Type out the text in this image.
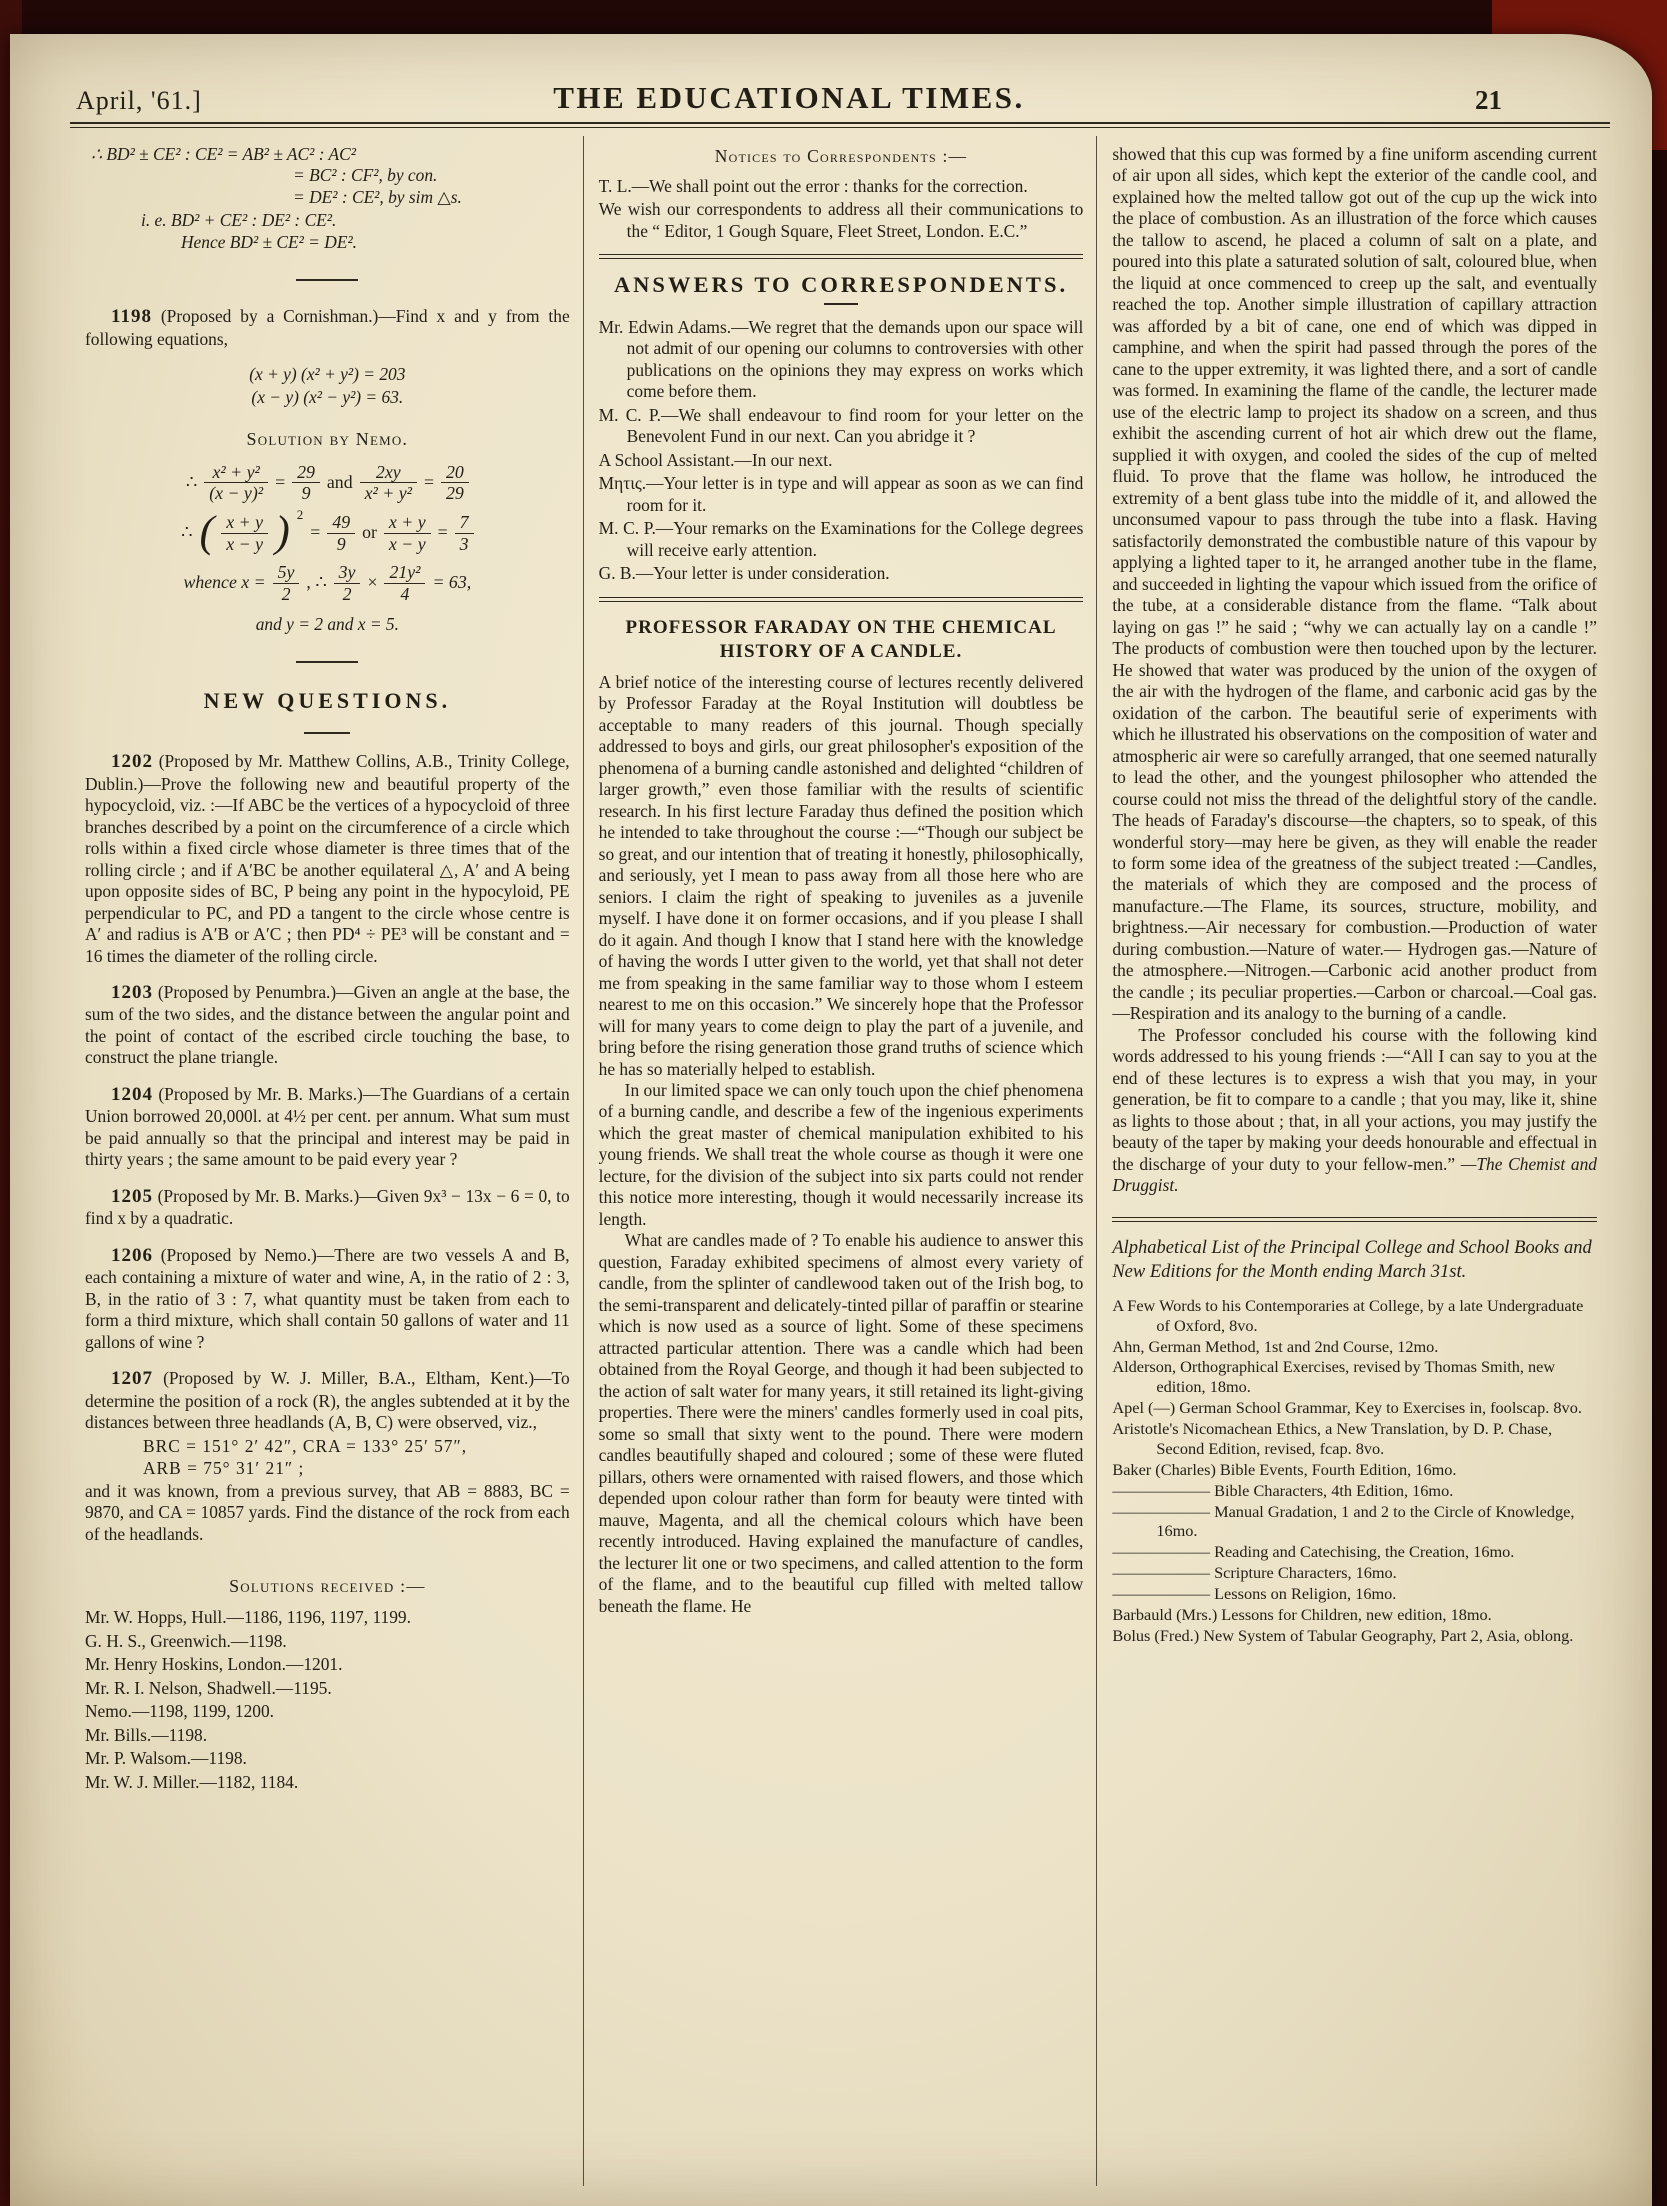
April, '61.]	THE EDUCATIONAL TIMES.	21

∴ BD² ± CE² : CE² = AB² ± AC² : AC²

= BC² : CF², by con.

= DE² : CE², by sim △s.

i. e. BD² + CE² : DE² : CE².

Hence BD² ± CE² = DE².

1198 (Proposed by a Cornishman.)—Find x and y from the following equations,

(x + y) (x² + y²) = 203

(x − y) (x² − y²) = 63.

Solution by Nemo.

∴ $\frac{\text{x² + y²}}{\text{(x − y)²}} = \frac{29}{9}$ and $\frac{2xy}{\text{x² + y²}} = \frac{20}{29}$
∴ ( $\frac{x + y}{x - y}$ ) 2
= $\frac{49}{9}$ or $\frac{x + y}{x - y} = \frac{7}{3}$
whence $x = \frac{5y}{2}$ , ∴ $\frac{3y}{2} \times \frac{\text{21y²}}{4} = 63$,

and y = 2 and x = 5.

NEW QUESTIONS.

1202 (Proposed by Mr. Matthew Collins, A.B., Trinity College, Dublin.)—Prove the following new and beautiful property of the hypocycloid, viz. :—If ABC be the vertices of a hypocycloid of three branches described by a point on the circumference of a circle which rolls within a fixed circle whose diameter is three times that of the rolling circle ; and if A′BC be another equilateral △, A′ and A being upon opposite sides of BC, P being any point in the hypocyloid, PE perpendicular to PC, and PD a tangent to the circle whose centre is A′ and radius is A′B or A′C ; then PD⁴ ÷ PE³ will be constant and = 16 times the diameter of the rolling circle.

1203 (Proposed by Penumbra.)—Given an angle at the base, the sum of the two sides, and the distance between the angular point and the point of contact of the escribed circle touching the base, to construct the plane triangle.

1204 (Proposed by Mr. B. Marks.)—The Guardians of a certain Union borrowed 20,000l. at 4½ per cent. per annum. What sum must be paid annually so that the principal and interest may be paid in thirty years ; the same amount to be paid every year ?

1205 (Proposed by Mr. B. Marks.)—Given 9x³ − 13x − 6 = 0, to find x by a quadratic.

1206 (Proposed by Nemo.)—There are two vessels A and B, each containing a mixture of water and wine, A, in the ratio of 2 : 3, B, in the ratio of 3 : 7, what quantity must be taken from each to form a third mixture, which shall contain 50 gallons of water and 11 gallons of wine ?

1207 (Proposed by W. J. Miller, B.A., Eltham, Kent.)—To determine the position of a rock (R), the angles subtended at it by the distances between three headlands (A, B, C) were observed, viz.,

BRC = 151° 2′ 42″, CRA = 133° 25′ 57″,

ARB = 75° 31′ 21″ ;

and it was known, from a previous survey, that AB = 8883, BC = 9870, and CA = 10857 yards. Find the distance of the rock from each of the headlands.

Solutions received :—

Mr. W. Hopps, Hull.—1186, 1196, 1197, 1199.

G. H. S., Greenwich.—1198.

Mr. Henry Hoskins, London.—1201.

Mr. R. I. Nelson, Shadwell.—1195.

Nemo.—1198, 1199, 1200.

Mr. Bills.—1198.

Mr. P. Walsom.—1198.

Mr. W. J. Miller.—1182, 1184.

Notices to Correspondents :—

T. L.—We shall point out the error : thanks for the correction.

We wish our correspondents to address all their communications to the “ Editor, 1 Gough Square, Fleet Street, London. E.C.”

ANSWERS TO CORRESPONDENTS.

Mr. Edwin Adams.—We regret that the demands upon our space will not admit of our opening our columns to controversies with other publications on the opinions they may express on works which come before them.

M. C. P.—We shall endeavour to find room for your letter on the Benevolent Fund in our next. Can you abridge it ?

A School Assistant.—In our next.

Mητις.—Your letter is in type and will appear as soon as we can find room for it.

M. C. P.—Your remarks on the Examinations for the College degrees will receive early attention.

G. B.—Your letter is under consideration.

PROFESSOR FARADAY ON THE CHEMICAL
HISTORY OF A CANDLE.

A brief notice of the interesting course of lectures recently delivered by Professor Faraday at the Royal Institution will doubtless be acceptable to many readers of this journal. Though specially addressed to boys and girls, our great philosopher's exposition of the phenomena of a burning candle astonished and delighted “children of larger growth,” even those familiar with the results of scientific research. In his first lecture Faraday thus defined the position which he intended to take throughout the course :—“Though our subject be so great, and our intention that of treating it honestly, philosophically, and seriously, yet I mean to pass away from all those here who are seniors. I claim the right of speaking to juveniles as a juvenile myself. I have done it on former occasions, and if you please I shall do it again. And though I know that I stand here with the knowledge of having the words I utter given to the world, yet that shall not deter me from speaking in the same familiar way to those whom I esteem nearest to me on this occasion.” We sincerely hope that the Professor will for many years to come deign to play the part of a juvenile, and bring before the rising generation those grand truths of science which he has so materially helped to establish.

In our limited space we can only touch upon the chief phenomena of a burning candle, and describe a few of the ingenious experiments which the great master of chemical manipulation exhibited to his young friends. We shall treat the whole course as though it were one lecture, for the division of the subject into six parts could not render this notice more interesting, though it would necessarily increase its length.

What are candles made of ? To enable his audience to answer this question, Faraday exhibited specimens of almost every variety of candle, from the splinter of candlewood taken out of the Irish bog, to the semi-transparent and delicately-tinted pillar of paraffin or stearine which is now used as a source of light. Some of these specimens attracted particular attention. There was a candle which had been obtained from the Royal George, and though it had been subjected to the action of salt water for many years, it still retained its light-giving properties. There were the miners' candles formerly used in coal pits, some so small that sixty went to the pound. There were modern candles beautifully shaped and coloured ; some of these were fluted pillars, others were ornamented with raised flowers, and those which depended upon colour rather than form for beauty were tinted with mauve, Magenta, and all the chemical colours which have been recently introduced. Having explained the manufacture of candles, the lecturer lit one or two specimens, and called attention to the form of the flame, and to the beautiful cup filled with melted tallow beneath the flame. He

showed that this cup was formed by a fine uniform ascending current of air upon all sides, which kept the exterior of the candle cool, and explained how the melted tallow got out of the cup up the wick into the place of combustion. As an illustration of the force which causes the tallow to ascend, he placed a column of salt on a plate, and poured into this plate a saturated solution of salt, coloured blue, when the liquid at once commenced to creep up the salt, and eventually reached the top. Another simple illustration of capillary attraction was afforded by a bit of cane, one end of which was dipped in camphine, and when the spirit had passed through the pores of the cane to the upper extremity, it was lighted there, and a sort of candle was formed. In examining the flame of the candle, the lecturer made use of the electric lamp to project its shadow on a screen, and thus exhibit the ascending current of hot air which drew out the flame, supplied it with oxygen, and cooled the sides of the cup of melted fluid. To prove that the flame was hollow, he introduced the extremity of a bent glass tube into the middle of it, and allowed the unconsumed vapour to pass through the tube into a flask. Having satisfactorily demonstrated the combustible nature of this vapour by applying a lighted taper to it, he arranged another tube in the flame, and succeeded in lighting the vapour which issued from the orifice of the tube, at a considerable distance from the flame. “Talk about laying on gas !” he said ; “why we can actually lay on a candle !” The products of combustion were then touched upon by the lecturer. He showed that water was produced by the union of the oxygen of the air with the hydrogen of the flame, and carbonic acid gas by the oxidation of the carbon. The beautiful serie of experiments with which he illustrated his observations on the composition of water and atmospheric air were so carefully arranged, that one seemed naturally to lead the other, and the youngest philosopher who attended the course could not miss the thread of the delightful story of the candle. The heads of Faraday's discourse—the chapters, so to speak, of this wonderful story—may here be given, as they will enable the reader to form some idea of the greatness of the subject treated :—Candles, the materials of which they are composed and the process of manufacture.—The Flame, its sources, structure, mobility, and brightness.—Air necessary for combustion.—Production of water during combustion.—Nature of water.— Hydrogen gas.—Nature of the atmosphere.—Nitrogen.—Carbonic acid another product from the candle ; its peculiar properties.—Carbon or charcoal.—Coal gas.—Respiration and its analogy to the burning of a candle.

The Professor concluded his course with the following kind words addressed to his young friends :—“All I can say to you at the end of these lectures is to express a wish that you may, in your generation, be fit to compare to a candle ; that you may, like it, shine as lights to those about ; that, in all your actions, you may justify the beauty of the taper by making your deeds honourable and effectual in the discharge of your duty to your fellow-men.” —The Chemist and Druggist.

Alphabetical List of the Principal College and School Books and New Editions for the Month ending March 31st.

A Few Words to his Contemporaries at College, by a late Undergraduate of Oxford, 8vo.

Ahn, German Method, 1st and 2nd Course, 12mo.

Alderson, Orthographical Exercises, revised by Thomas Smith, new edition, 18mo.

Apel (—) German School Grammar, Key to Exercises in, foolscap. 8vo.

Aristotle's Nicomachean Ethics, a New Translation, by D. P. Chase, Second Edition, revised, fcap. 8vo.

Baker (Charles) Bible Events, Fourth Edition, 16mo.

—————— Bible Characters, 4th Edition, 16mo.

—————— Manual Gradation, 1 and 2 to the Circle of Knowledge, 16mo.

—————— Reading and Catechising, the Creation, 16mo.

—————— Scripture Characters, 16mo.

—————— Lessons on Religion, 16mo.

Barbauld (Mrs.) Lessons for Children, new edition, 18mo.

Bolus (Fred.) New System of Tabular Geography, Part 2, Asia, oblong.
